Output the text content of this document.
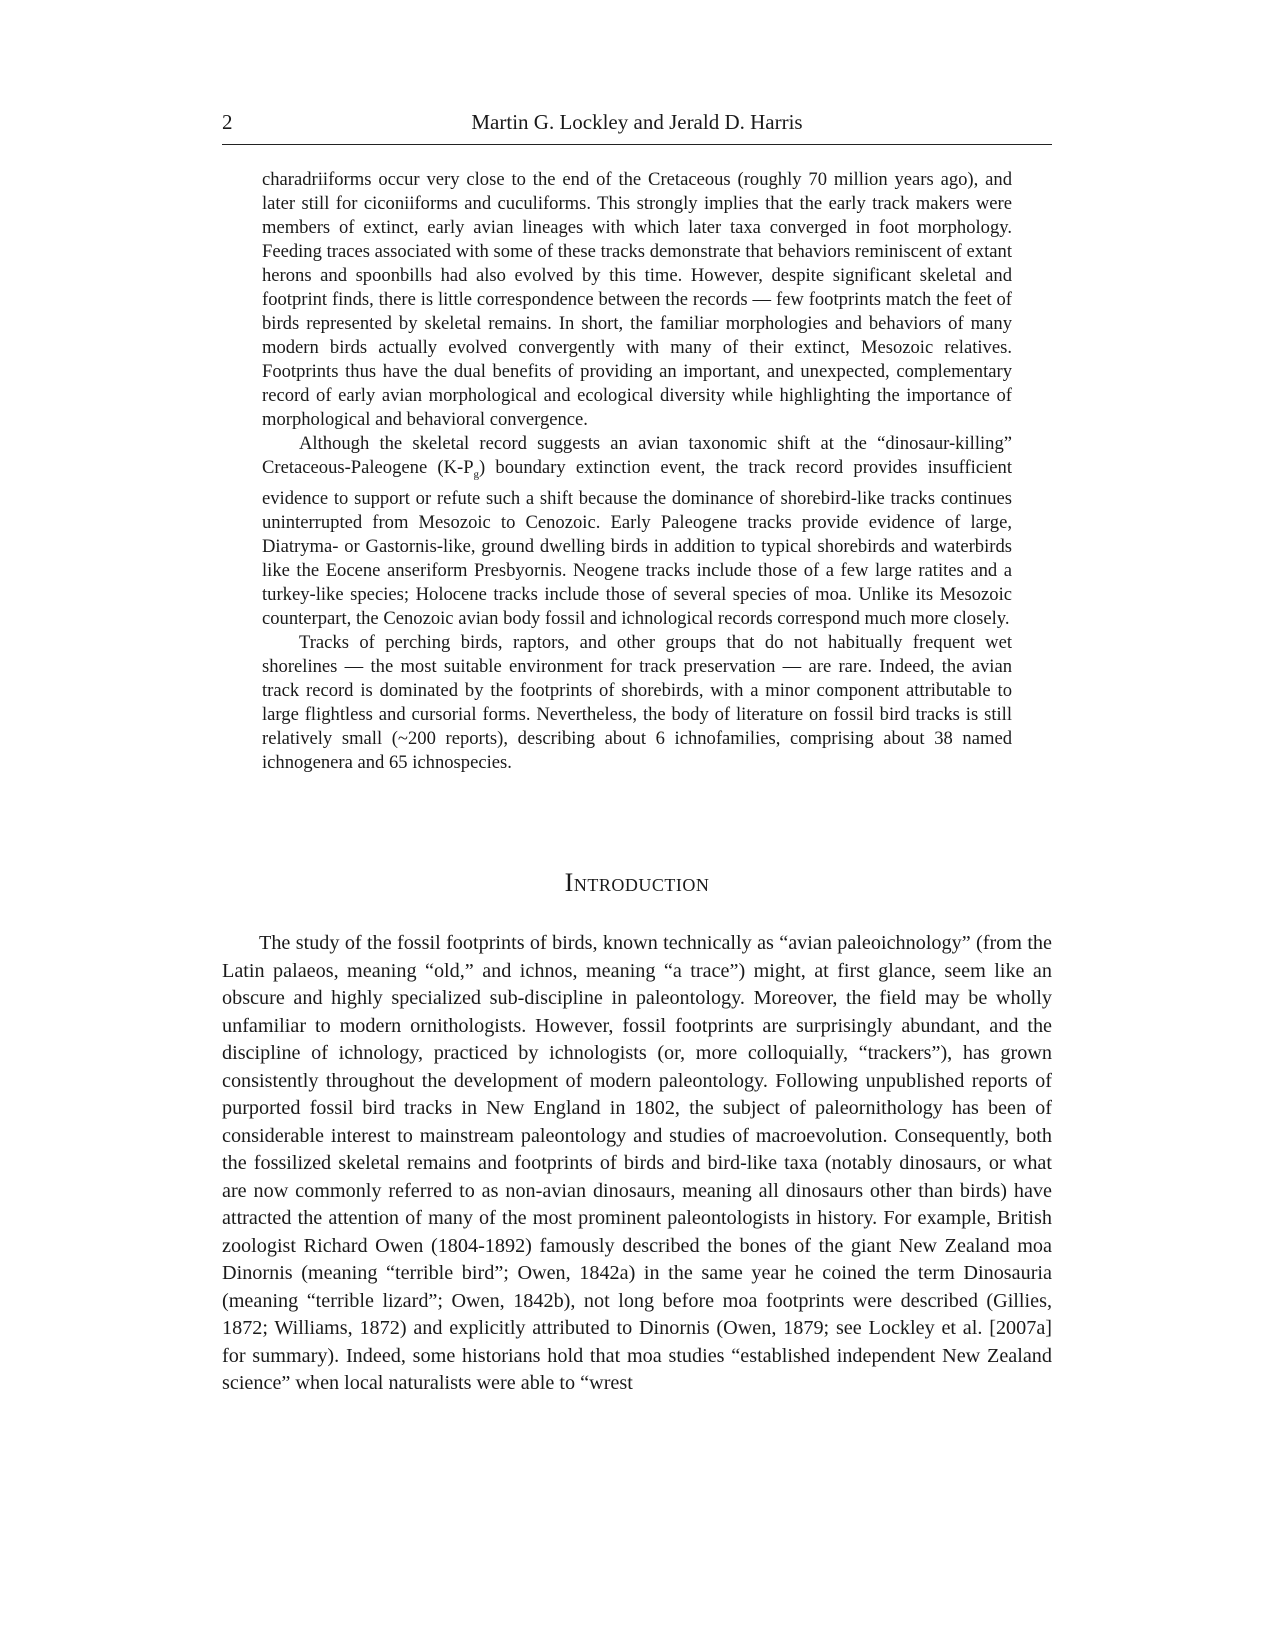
2	Martin G. Lockley and Jerald D. Harris

charadriiforms occur very close to the end of the Cretaceous (roughly 70 million years ago), and later still for ciconiiforms and cuculiforms. This strongly implies that the early track makers were members of extinct, early avian lineages with which later taxa converged in foot morphology. Feeding traces associated with some of these tracks demonstrate that behaviors reminiscent of extant herons and spoonbills had also evolved by this time. However, despite significant skeletal and footprint finds, there is little correspondence between the records — few footprints match the feet of birds represented by skeletal remains. In short, the familiar morphologies and behaviors of many modern birds actually evolved convergently with many of their extinct, Mesozoic relatives. Footprints thus have the dual benefits of providing an important, and unexpected, complementary record of early avian morphological and ecological diversity while highlighting the importance of morphological and behavioral convergence.

Although the skeletal record suggests an avian taxonomic shift at the “dinosaur-killing” Cretaceous-Paleogene $(K-P_g)$ boundary extinction event, the track record provides insufficient evidence to support or refute such a shift because the dominance of shorebird-like tracks continues uninterrupted from Mesozoic to Cenozoic. Early Paleogene tracks provide evidence of large, Diatryma- or Gastornis-like, ground dwelling birds in addition to typical shorebirds and waterbirds like the Eocene anseriform Presbyornis. Neogene tracks include those of a few large ratites and a turkey-like species; Holocene tracks include those of several species of moa. Unlike its Mesozoic counterpart, the Cenozoic avian body fossil and ichnological records correspond much more closely.

Tracks of perching birds, raptors, and other groups that do not habitually frequent wet shorelines — the most suitable environment for track preservation — are rare. Indeed, the avian track record is dominated by the footprints of shorebirds, with a minor component attributable to large flightless and cursorial forms. Nevertheless, the body of literature on fossil bird tracks is still relatively small (~200 reports), describing about 6 ichnofamilies, comprising about 38 named ichnogenera and 65 ichnospecies.

Introduction

The study of the fossil footprints of birds, known technically as “avian paleoichnology” (from the Latin palaeos, meaning “old,” and ichnos, meaning “a trace”) might, at first glance, seem like an obscure and highly specialized sub-discipline in paleontology. Moreover, the field may be wholly unfamiliar to modern ornithologists. However, fossil footprints are surprisingly abundant, and the discipline of ichnology, practiced by ichnologists (or, more colloquially, “trackers”), has grown consistently throughout the development of modern paleontology. Following unpublished reports of purported fossil bird tracks in New England in 1802, the subject of paleornithology has been of considerable interest to mainstream paleontology and studies of macroevolution. Consequently, both the fossilized skeletal remains and footprints of birds and bird-like taxa (notably dinosaurs, or what are now commonly referred to as non-avian dinosaurs, meaning all dinosaurs other than birds) have attracted the attention of many of the most prominent paleontologists in history. For example, British zoologist Richard Owen (1804-1892) famously described the bones of the giant New Zealand moa Dinornis (meaning “terrible bird”; Owen, 1842a) in the same year he coined the term Dinosauria (meaning “terrible lizard”; Owen, 1842b), not long before moa footprints were described (Gillies, 1872; Williams, 1872) and explicitly attributed to Dinornis (Owen, 1879; see Lockley et al. [2007a] for summary). Indeed, some historians hold that moa studies “established independent New Zealand science” when local naturalists were able to “wrest
